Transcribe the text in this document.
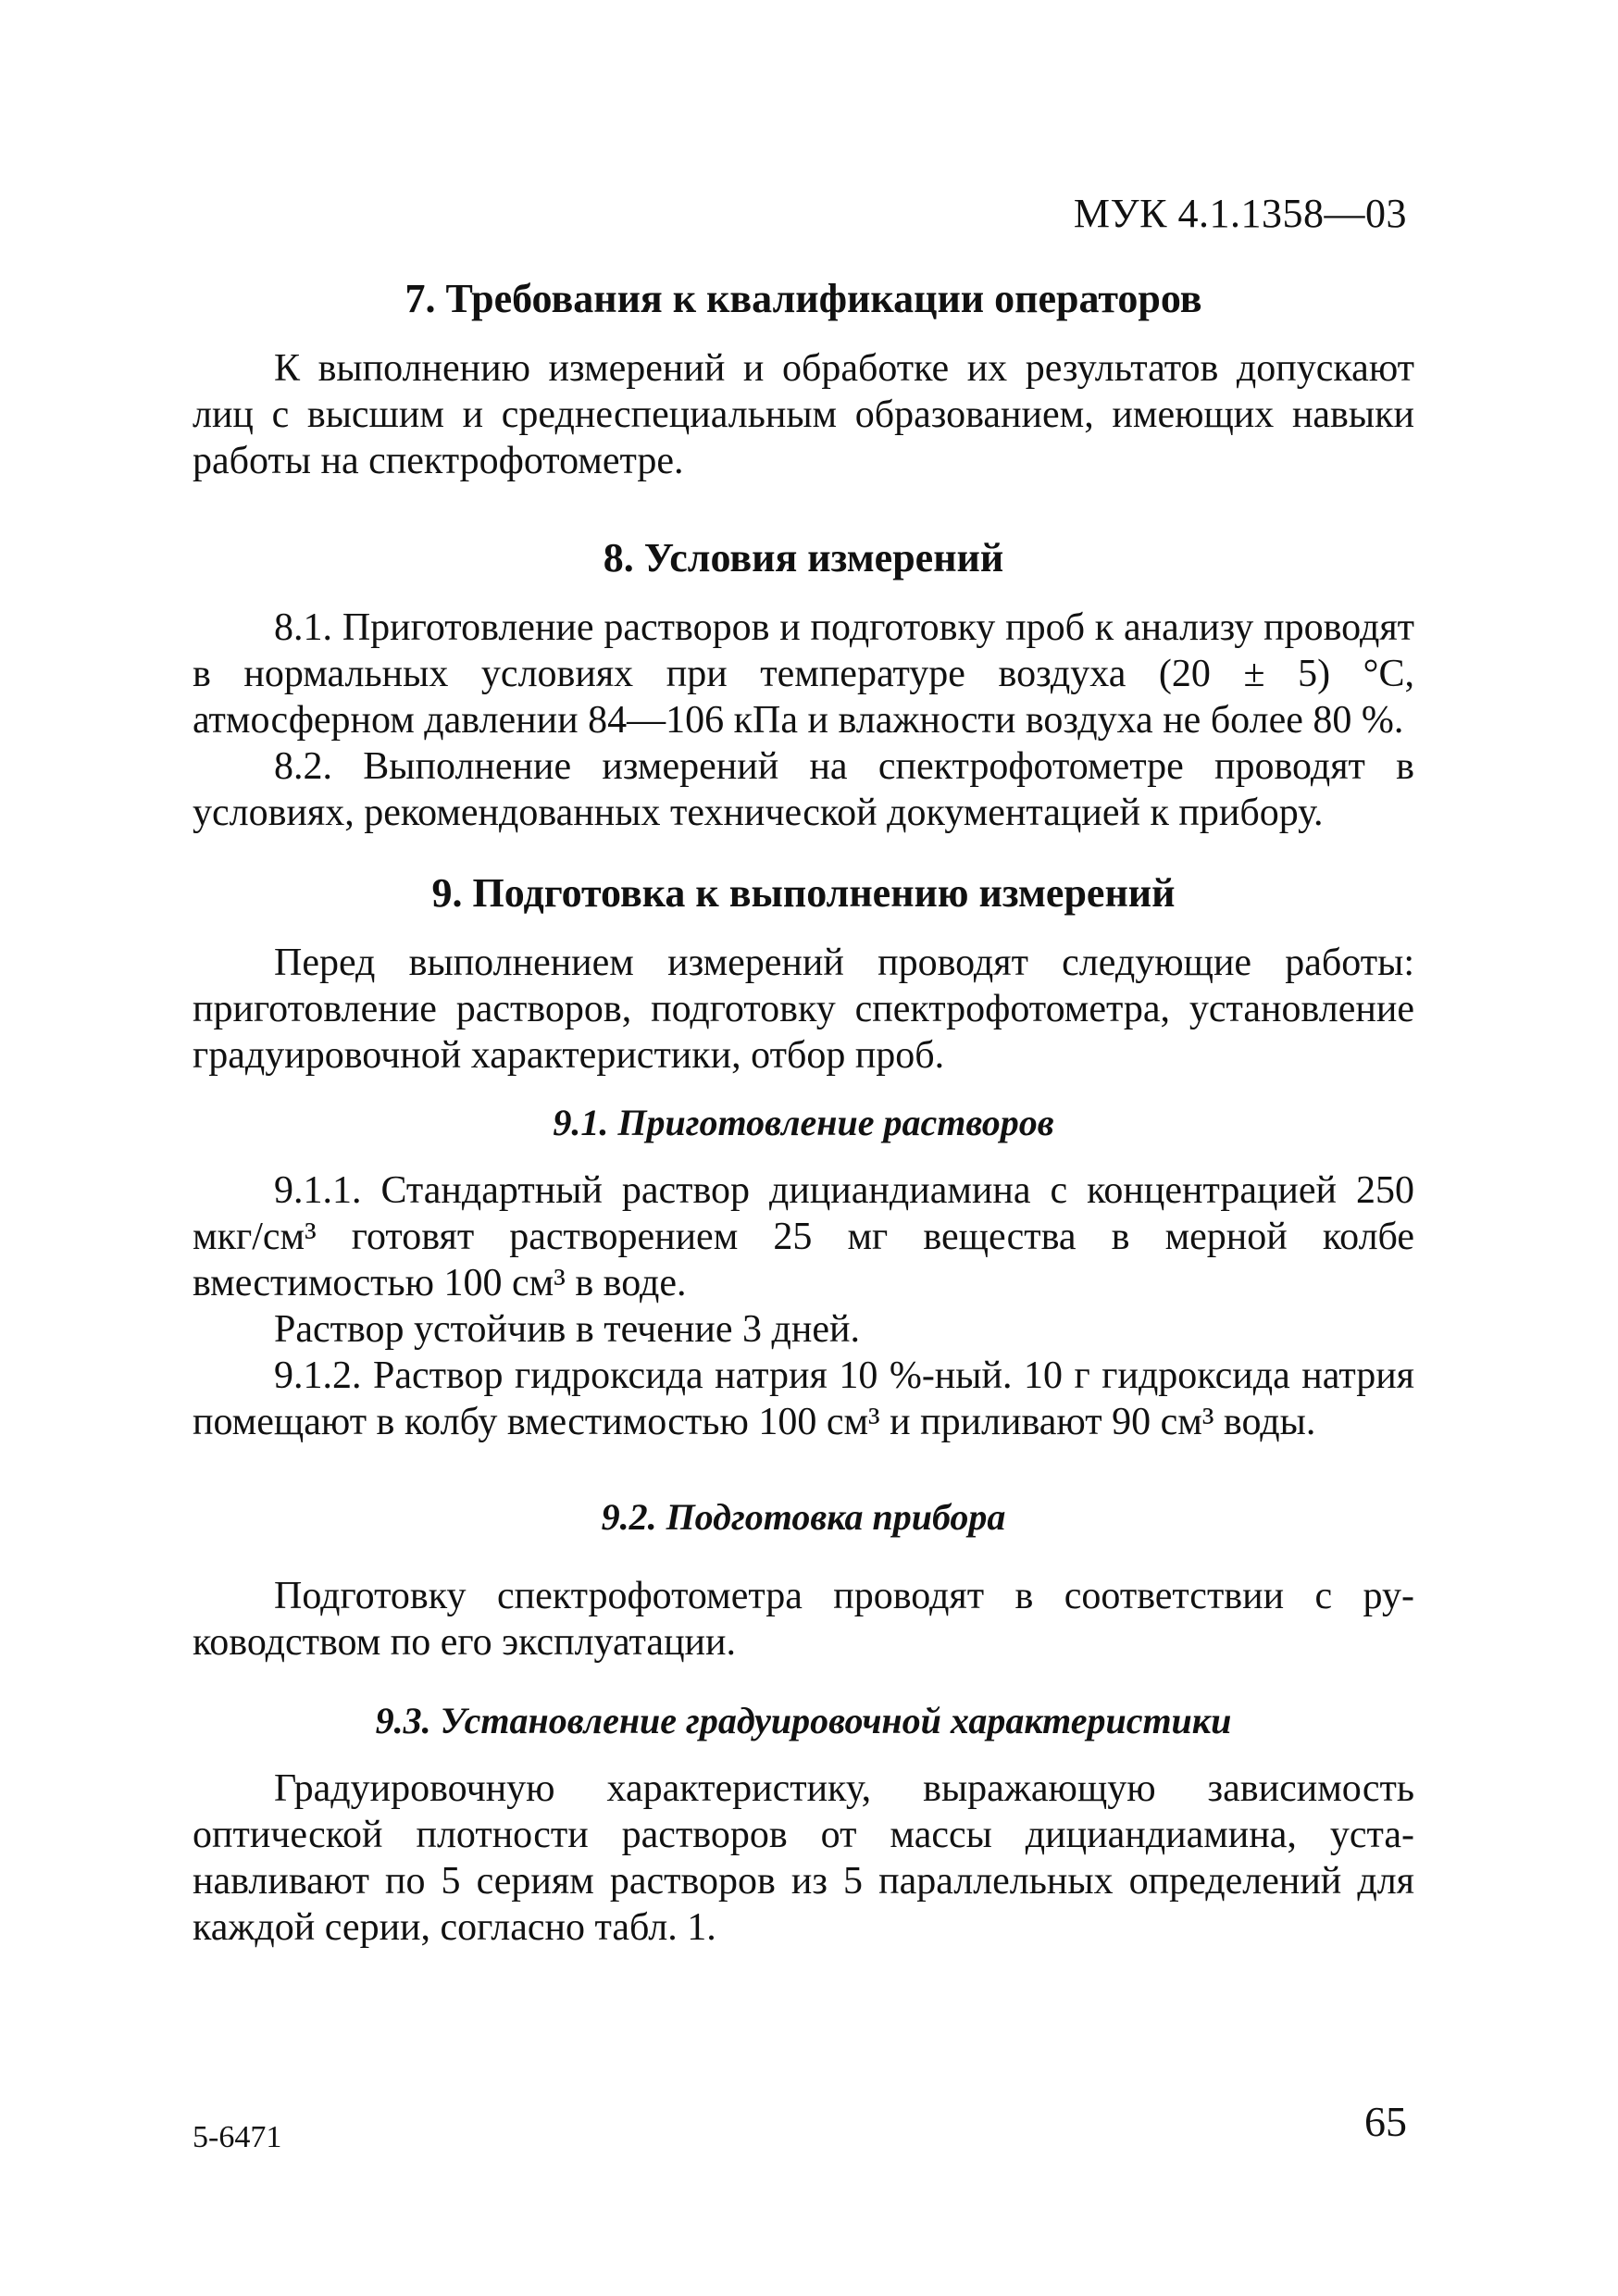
МУК 4.1.1358—03
7. Требования к квалификации операторов

К выполнению измерений и обработке их результатов допускают лиц с высшим и среднеспециальным образованием, имеющих навыки работы на спектрофотометре.

8. Условия измерений

8.1. Приготовление растворов и подготовку проб к анализу проводят в нормальных условиях при температуре воздуха (20 ± 5) °С, атмосферном давлении 84—106 кПа и влажности воздуха не более 80 %.

8.2. Выполнение измерений на спектрофотометре проводят в условиях, рекомендованных технической документацией к прибору.

9. Подготовка к выполнению измерений

Перед выполнением измерений проводят следующие работы: приготовление растворов, подготовку спектрофотометра, установление градуировочной характеристики, отбор проб.

9.1. Приготовление растворов

9.1.1. Стандартный раствор дициандиамина с концентрацией 250 мкг/см³ готовят растворением 25 мг вещества в мерной колбе вместимостью 100 см³ в воде.

Раствор устойчив в течение 3 дней.

9.1.2. Раствор гидроксида натрия 10 %-ный. 10 г гидроксида натрия помещают в колбу вместимостью 100 см³ и приливают 90 см³ воды.

9.2. Подготовка прибора

Подготовку спектрофотометра проводят в соответствии с руководством по его эксплуатации.

9.3. Установление градуировочной характеристики

Градуировочную характеристику, выражающую зависимость оптической плотности растворов от массы дициандиамина, устанавливают по 5 сериям растворов из 5 параллельных определений для каждой серии, согласно табл. 1.

5-6471	65
